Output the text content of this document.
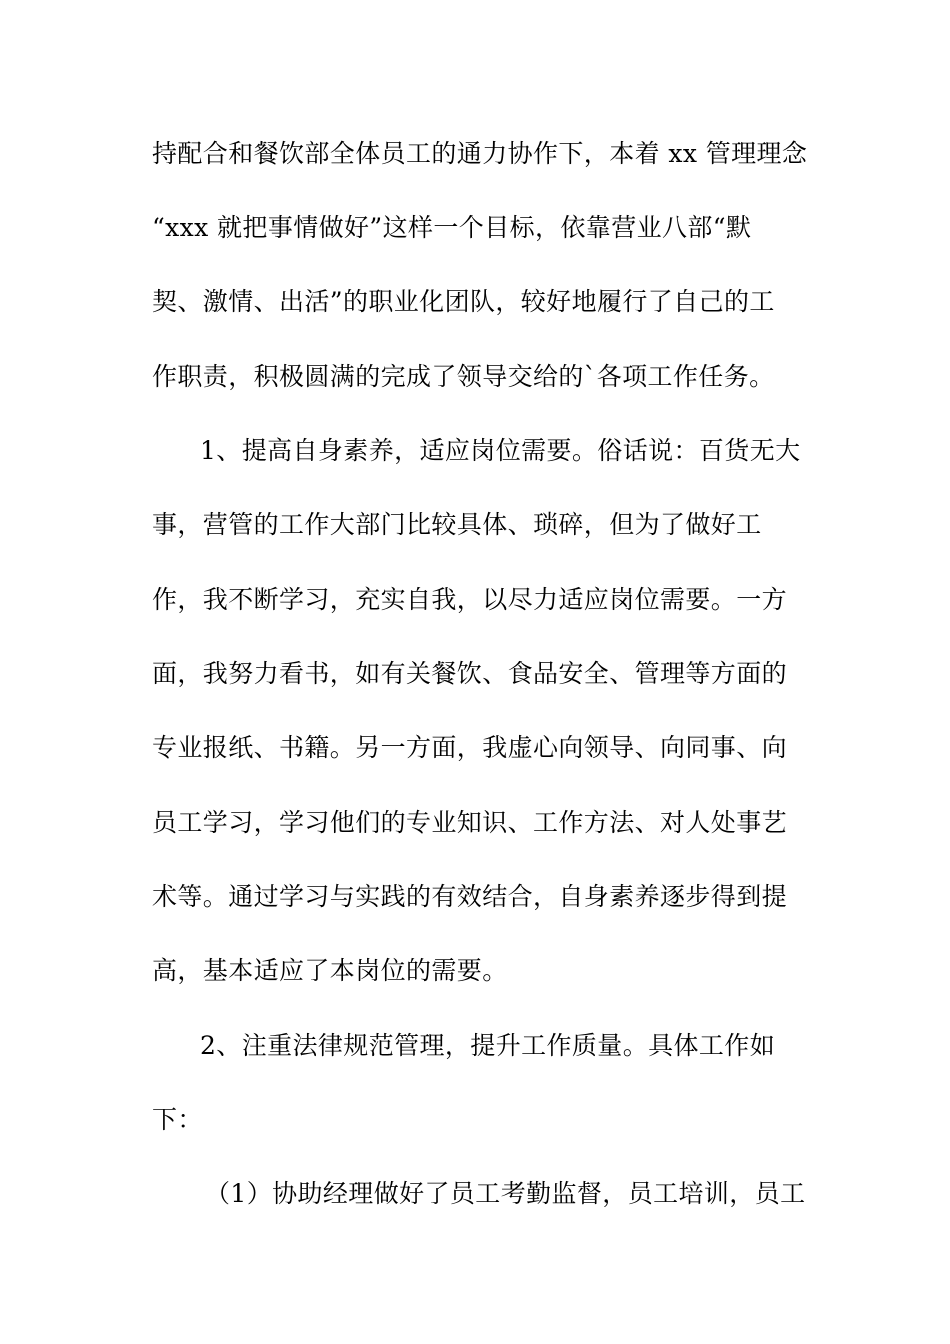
持配合和餐饮部全体员工的通力协作下，本着 xx 管理理念
“xxx 就把事情做好”这样一个目标，依靠营业八部“默
契、激情、出活”的职业化团队，较好地履行了自己的工
作职责，积极圆满的完成了领导交给的`各项工作任务。
1、提高自身素养，适应岗位需要。俗话说：百货无大
事，营管的工作大部门比较具体、琐碎，但为了做好工
作，我不断学习，充实自我，以尽力适应岗位需要。一方
面，我努力看书，如有关餐饮、食品安全、管理等方面的
专业报纸、书籍。另一方面，我虚心向领导、向同事、向
员工学习，学习他们的专业知识、工作方法、对人处事艺
术等。通过学习与实践的有效结合，自身素养逐步得到提
高，基本适应了本岗位的需要。
2、注重法律规范管理，提升工作质量。具体工作如
下：
（1）协助经理做好了员工考勤监督，员工培训，员工
